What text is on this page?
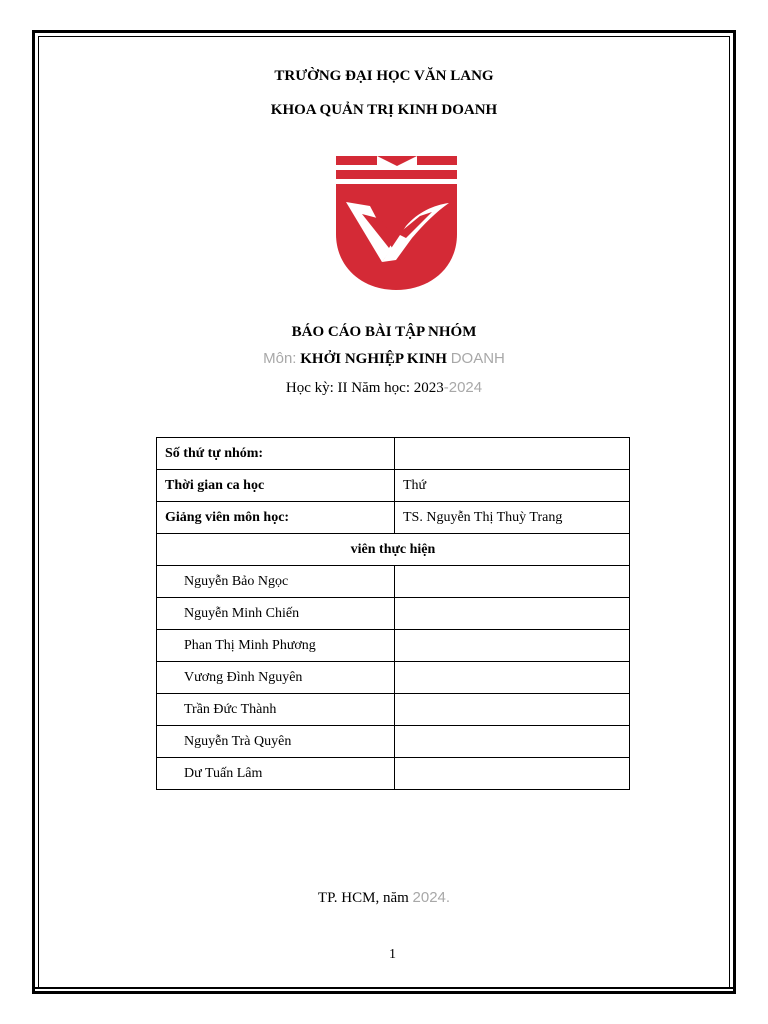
TRƯỜNG ĐẠI HỌC VĂN LANG
KHOA QUẢN TRỊ KINH DOANH
BÁO CÁO BÀI TẬP NHÓM
Môn: KHỞI NGHIỆP KINH DOANH
Học kỳ: II Năm học: 2023-2024
Số thứ tự nhóm:	
Thời gian ca học	Thứ
Giảng viên môn học:	TS. Nguyễn Thị Thuỳ Trang
viên thực hiện	
Nguyễn Bảo Ngọc	
Nguyễn Minh Chiến	
Phan Thị Minh Phương	
Vương Đình Nguyên	
Trần Đức Thành	
Nguyễn Trà Quyên	
Dư Tuấn Lâm	
TP. HCM, năm 2024.
1
